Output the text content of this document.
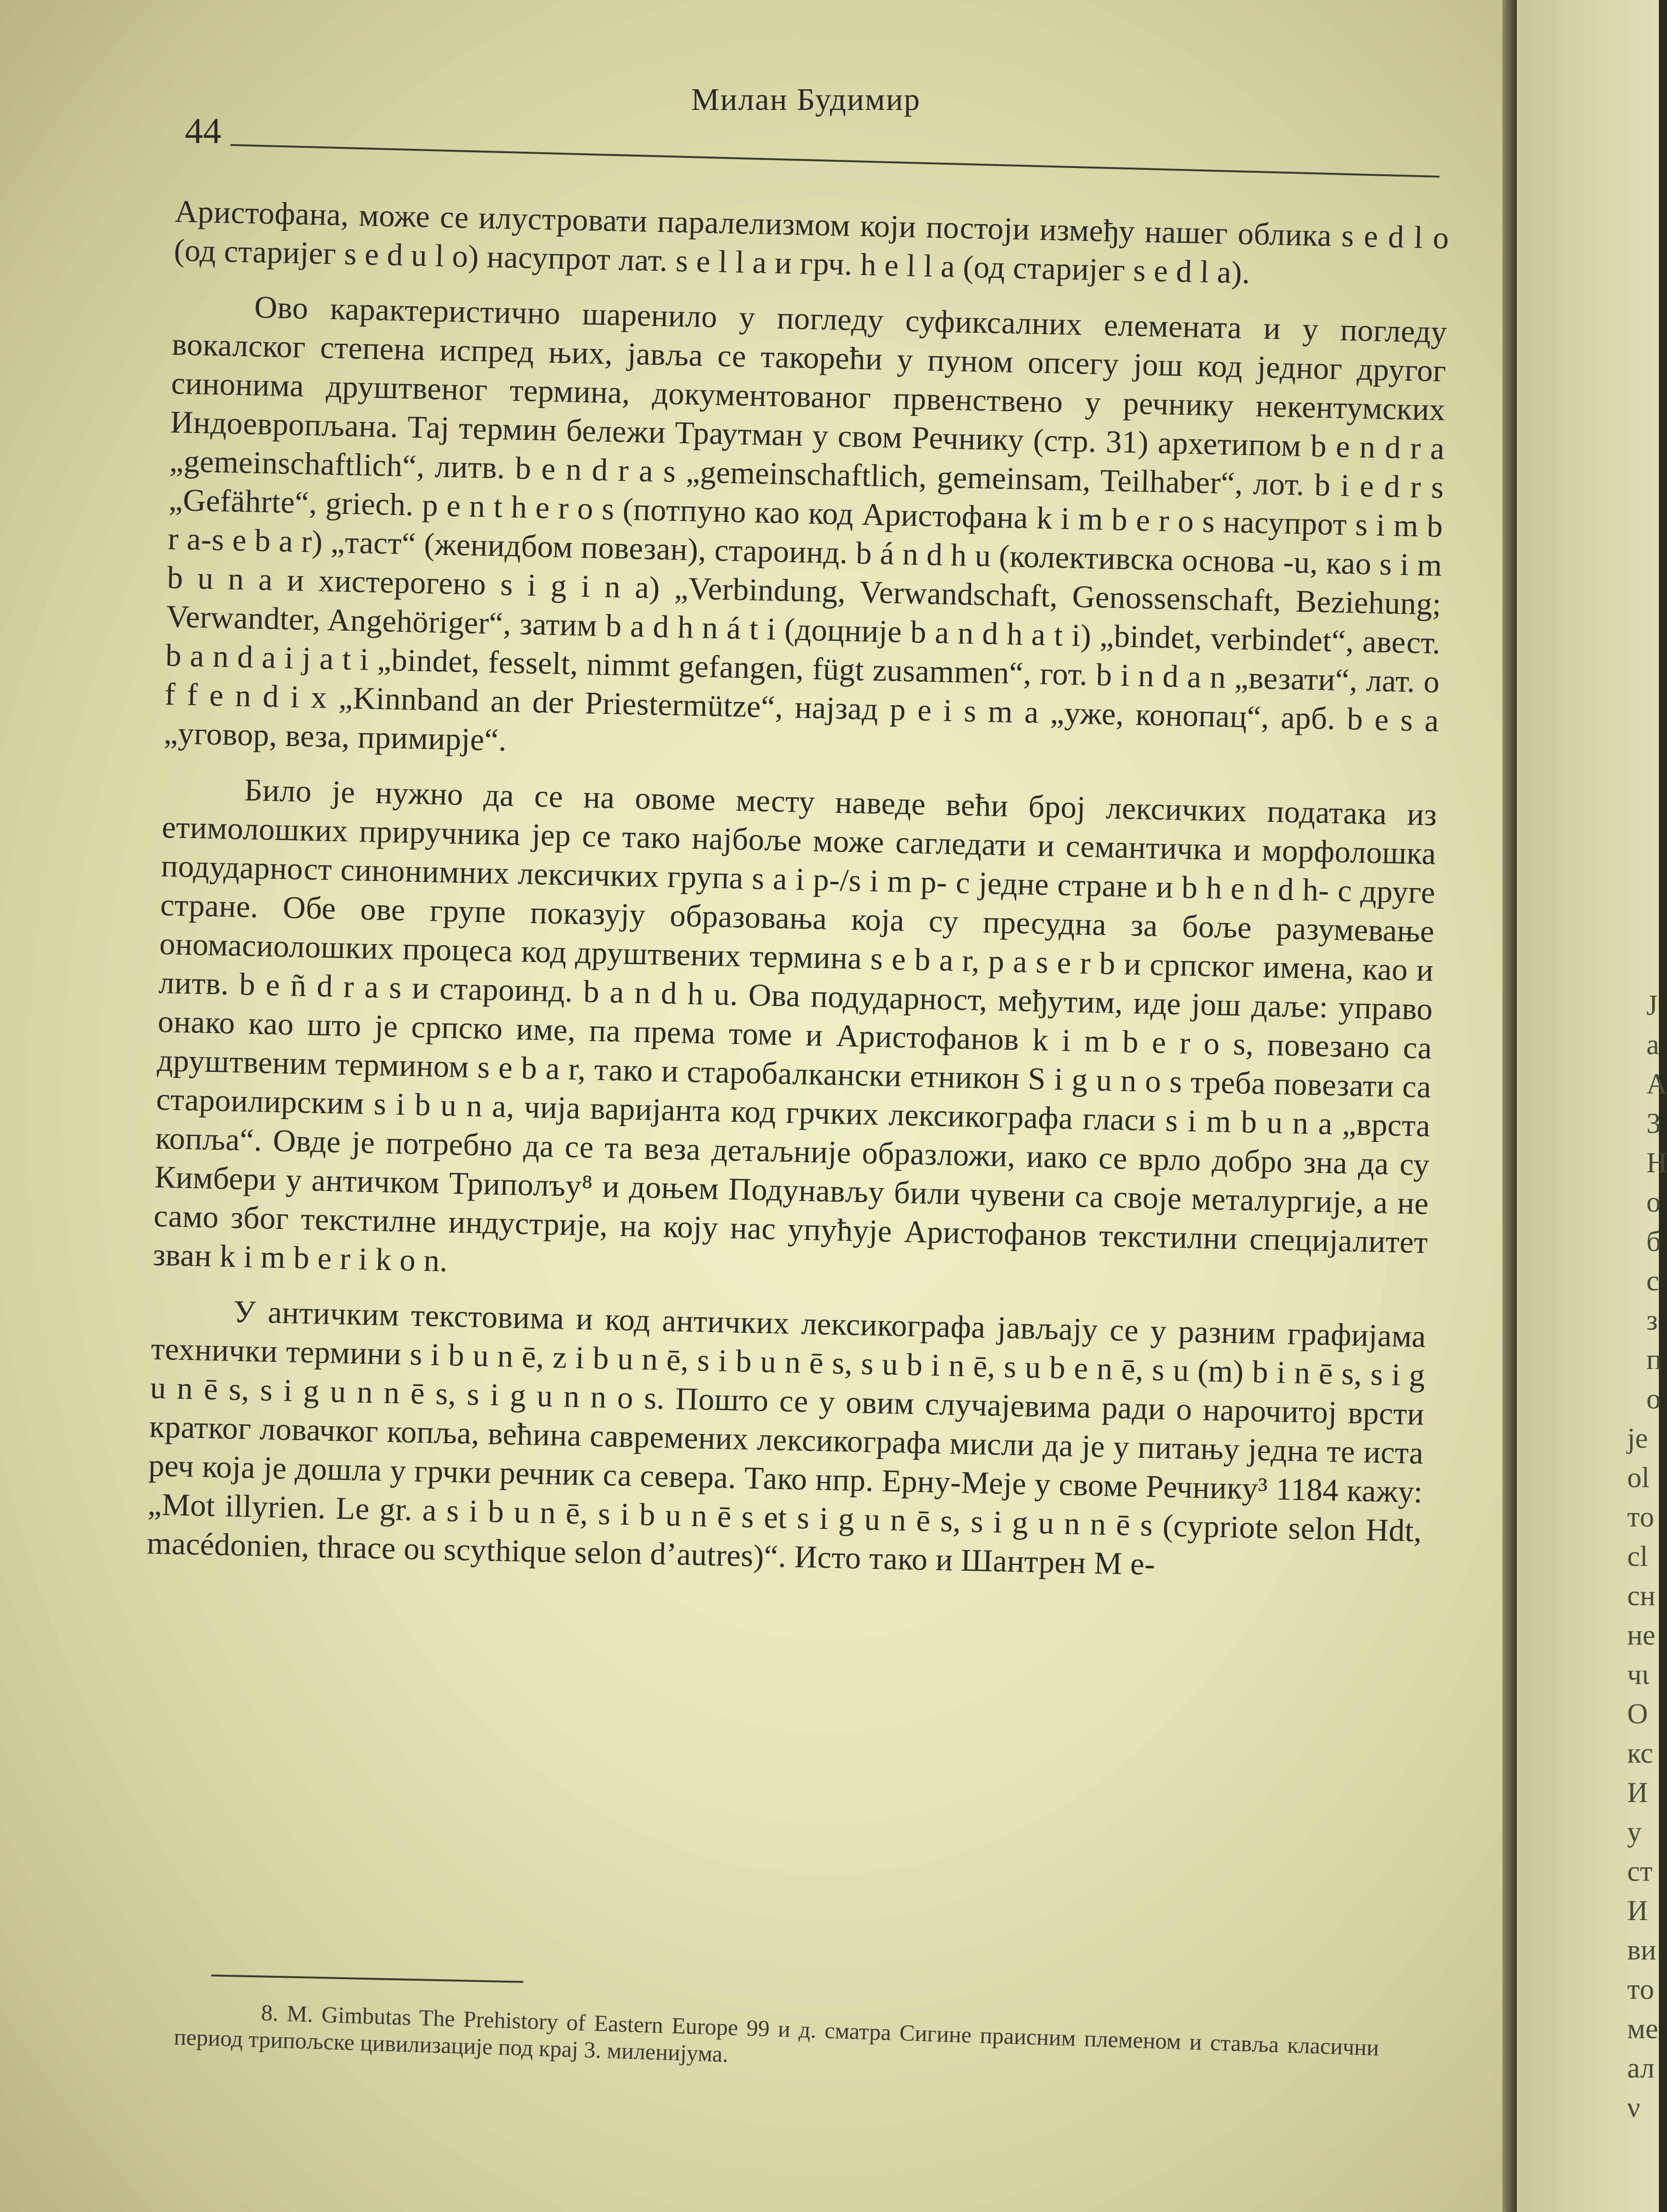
44
Милан Будимир

Аристофана, може се илустровати паралелизмом који постоји између нашег облика s e d l o (од старијег s e d u l o) насупрот лат. s e l l a и грч. h e l l a (од старијег s e d l a).

Ово карактеристично шаренило у погледу суфиксалних елемената и у погледу вокалског степена испред њих, јавља се такорећи у пуном опсегу још код једног другог синонима друштвеног термина, документованог првенствено у речнику некентумских Индоевропљана. Тај термин бележи Траутман у свом Речнику (стр. 31) архетипом b e n d r a „gemeinschaftlich“, литв. b e n d r a s „gemeinschaftlich, gemeinsam, Teilhaber“, лот. b i e d r s „Gefährte“, griech. p e n t h e r o s (потпуно као код Аристофана k i m b e r o s насупрот s i m b r a-s e b a r) „таст“ (женидбом повезан), староинд. b á n d h u (колективска основа -u, као s i m b u n a и хистерогено s i g i n a) „Verbindung, Verwandschaft, Genossenschaft, Beziehung; Verwandter, Angehöriger“, затим b a d h n á t i (доцније b a n d h a t i) „bindet, verbindet“, авест. b a n d a i j a t i „bindet, fesselt, nimmt gefangen, fügt zusammen“, гот. b i n d a n „везати“, лат. o f f e n d i x „Kinnband an der Priestermütze“, најзад p e i s m a „уже, конопац“, арб. b e s a „уговор, веза, примирје“.

Било је нужно да се на овоме месту наведе већи број лексичких података из етимолошких приручника јер се тако најбоље може сагледати и семантичка и морфолошка подударност синонимних лексичких група s a i p-/s i m p- с једне стране и b h e n d h- с друге стране. Обе ове групе показују образовања која су пресудна за боље разумевање ономасиолошких процеса код друштвених термина s e b a r, p a s e r b и српског имена, као и литв. b e ñ d r a s и староинд. b a n d h u. Ова подударност, међутим, иде још даље: управо онако као што је српско име, па према томе и Аристофанов k i m b e r o s, повезано са друштвеним термином s e b a r, тако и старобалкански етникон S i g u n o s треба повезати са староилирским s i b u n a, чија варијанта код грчких лексикографа гласи s i m b u n a „врста копља“. Овде је потребно да се та веза детаљније образложи, иако се врло добро зна да су Кимбери у античком Триполъу⁸ и доњем Подунављу били чувени са своје металургије, а не само због текстилне индустрије, на коју нас упућује Аристофанов текстилни специјалитет зван k i m b e r i k o n.

У античким текстовима и код античких лексикографа јављају се у разним графијама технички термини s i b u n ē, z i b u n ē, s i b u n ē s, s u b i n ē, s u b e n ē, s u (m) b i n ē s, s i g u n ē s, s i g u n n ē s, s i g u n n o s. Пошто се у овим случајевима ради о нарочитој врсти кратког ловачког копља, већина савремених лексикографа мисли да је у питању једна те иста реч која је дошла у грчки речник са севера. Тако нпр. Ерну-Меје у своме Речнику³ 1184 кажу: „Mot illyrien. Le gr. a s i b u n ē, s i b u n ē s et s i g u n ē s, s i g u n n ē s (cypriote selon Hdt, macédonien, thrace ou scythique selon d’autres)“. Исто тако и Шантрен М е-

8. M. Gimbutas The Prehistory of Eastern Europe 99 и д. сматра Сигине праисним племеном и ставља класични период трипољске цивилизације под крај 3. миленијума.
J
a
A
3
H
o
б
c
з
п
o
je
ol
тo
cl
сн
не
чι
O
кс
И
y
ст
И
ви
тo
ме
ал
ν
